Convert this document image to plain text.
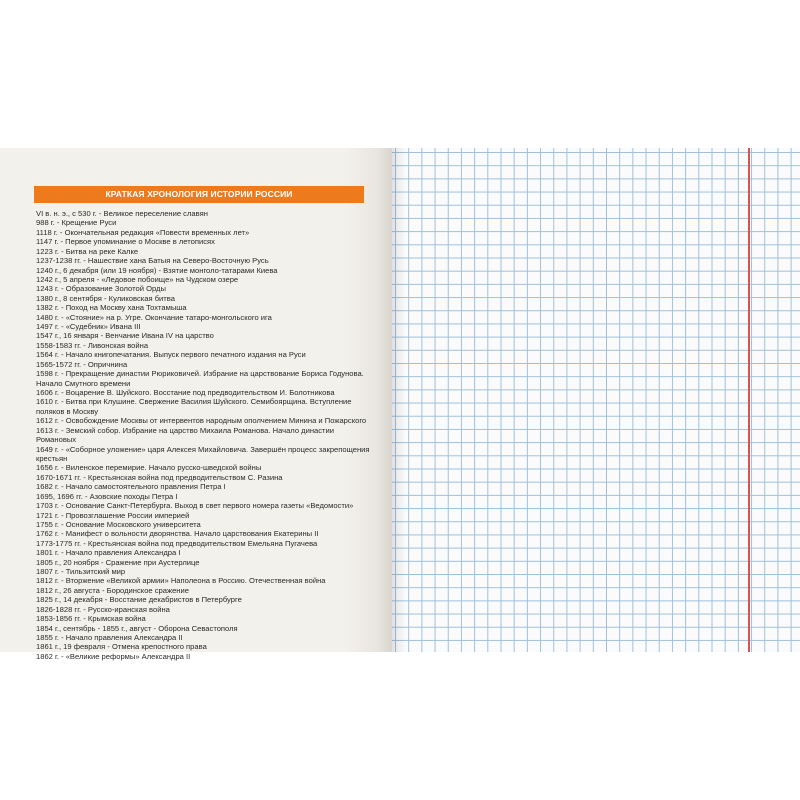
КРАТКАЯ ХРОНОЛОГИЯ ИСТОРИИ РОССИИ
VI в. н. э., с 530 г. - Великое переселение славян
988 г. - Крещение Руси
1118 г. - Окончательная редакция «Повести временных лет»
1147 г. - Первое упоминание о Москве в летописях
1223 г. - Битва на реке Калке
1237-1238 гг. - Нашествие хана Батыя на Северо-Восточную Русь
1240 г., 6 декабря (или 19 ноября) - Взятие монголо-татарами Киева
1242 г., 5 апреля - «Ледовое побоище» на Чудском озере
1243 г. - Образование Золотой Орды
1380 г., 8 сентября - Куликовская битва
1382 г. - Поход на Москву хана Тохтамыша
1480 г. - «Стояние» на р. Угре. Окончание татаро-монгольского ига
1497 г. - «Судебник» Ивана III
1547 г., 16 января - Венчание Ивана IV на царство
1558-1583 гг. - Ливонская война
1564 г. - Начало книгопечатания. Выпуск первого печатного издания на Руси
1565-1572 гг. - Опричнина
1598 г. - Прекращение династии Рюриковичей. Избрание на царствование Бориса Годунова.
Начало Смутного времени
1606 г. - Воцарение В. Шуйского. Восстание под предводительством И. Болотникова
1610 г. - Битва при Клушине. Свержение Василия Шуйского. Семибоярщина. Вступление
поляков в Москву
1612 г. - Освобождение Москвы от интервентов народным ополчением Минина и Пожарского
1613 г. - Земский собор. Избрание на царство Михаила Романова. Начало династии
Романовых
1649 г. - «Соборное уложение» царя Алексея Михайловича. Завершён процесс закрепощения
крестьян
1656 г. - Виленское перемирие. Начало русско-шведской войны
1670-1671 гг. - Крестьянская война под предводительством С. Разина
1682 г. - Начало самостоятельного правления Петра I
1695, 1696 гг. - Азовские походы Петра I
1703 г. - Основание Санкт-Петербурга. Выход в свет первого номера газеты «Ведомости»
1721 г. - Провозглашение России империей
1755 г. - Основание Московского университета
1762 г. - Манифест о вольности дворянства. Начало царствования Екатерины II
1773-1775 гг. - Крестьянская война под предводительством Емельяна Пугачева
1801 г. - Начало правления Александра I
1805 г., 20 ноября - Сражение при Аустерлице
1807 г. - Тильзитский мир
1812 г. - Вторжение «Великой армии» Наполеона в Россию. Отечественная война
1812 г., 26 августа - Бородинское сражение
1825 г., 14 декабря - Восстание декабристов в Петербурге
1826-1828 гг. - Русско-иранская война
1853-1856 гг. - Крымская война
1854 г., сентябрь - 1855 г., август - Оборона Севастополя
1855 г. - Начало правления Александра II
1861 г., 19 февраля - Отмена крепостного права
1862 г. - «Великие реформы» Александра II
